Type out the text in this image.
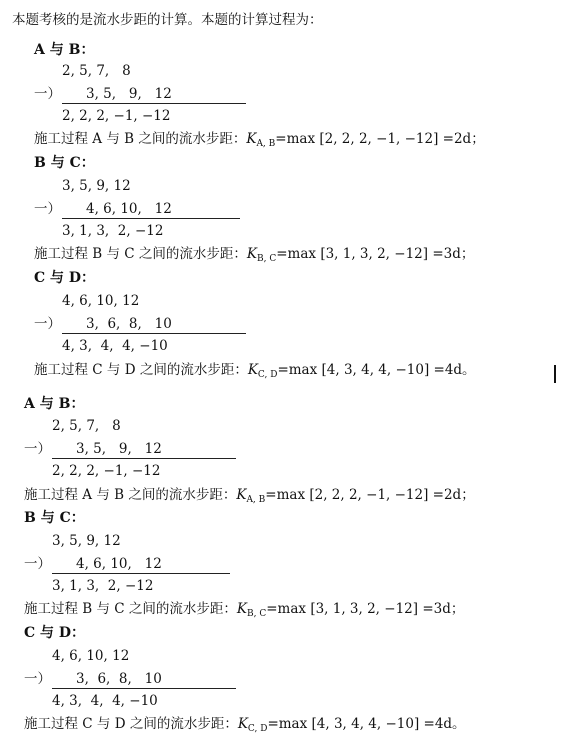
本题考核的是流水步距的计算。本题的计算过程为：
A 与 B：
2, 5, 7,   8
一） 3, 5,   9,   12
2, 2, 2, −1, −12
施工过程 A 与 B 之间的流水步距：$K_{A, B}=\max$ [2, 2, 2, −1, −12] =2d；
B 与 C：
3, 5, 9, 12
一） 4, 6, 10,   12
3, 1, 3,  2, −12
施工过程 B 与 C 之间的流水步距：$K_{B, C}=\max$ [3, 1, 3, 2, −12] =3d；
C 与 D：
4, 6, 10, 12
一） 3,  6,  8,   10
4, 3,  4,  4, −10
施工过程 C 与 D 之间的流水步距：$K_{C, D}=\max$ [4, 3, 4, 4, −10] =4d。
A 与 B：
2, 5, 7,   8
一） 3, 5,   9,   12
2, 2, 2, −1, −12
施工过程 A 与 B 之间的流水步距：$K_{A, B}=\max$ [2, 2, 2, −1, −12] =2d；
B 与 C：
3, 5, 9, 12
一） 4, 6, 10,   12
3, 1, 3,  2, −12
施工过程 B 与 C 之间的流水步距：$K_{B, C}=\max$ [3, 1, 3, 2, −12] =3d；
C 与 D：
4, 6, 10, 12
一） 3,  6,  8,   10
4, 3,  4,  4, −10
施工过程 C 与 D 之间的流水步距：$K_{C, D}=\max$ [4, 3, 4, 4, −10] =4d。
